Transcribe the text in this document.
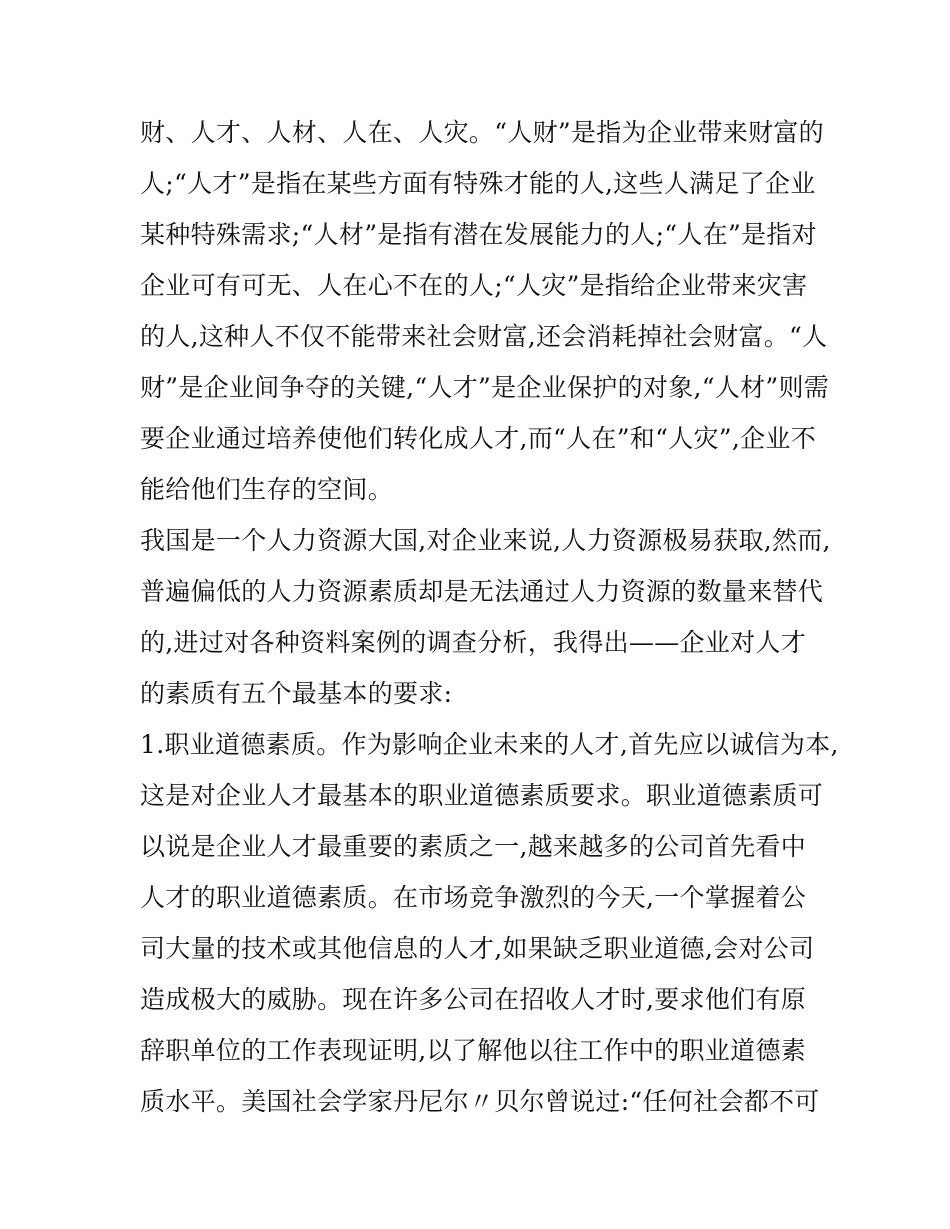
财、人才、人材、人在、人灾。“人财”是指为企业带来财富的
人;“人才”是指在某些方面有特殊才能的人,这些人满足了企业
某种特殊需求;“人材”是指有潜在发展能力的人;“人在”是指对
企业可有可无、人在心不在的人;“人灾”是指给企业带来灾害
的人,这种人不仅不能带来社会财富,还会消耗掉社会财富。“人
财”是企业间争夺的关键,“人才”是企业保护的对象,“人材”则需
要企业通过培养使他们转化成人才,而“人在”和“人灾”,企业不
能给他们生存的空间。
我国是一个人力资源大国,对企业来说,人力资源极易获取,然而,
普遍偏低的人力资源素质却是无法通过人力资源的数量来替代
的,进过对各种资料案例的调查分析，我得出——企业对人才
的素质有五个最基本的要求:
1.职业道德素质。作为影响企业未来的人才,首先应以诚信为本,
这是对企业人才最基本的职业道德素质要求。职业道德素质可
以说是企业人才最重要的素质之一,越来越多的公司首先看中
人才的职业道德素质。在市场竞争激烈的今天,一个掌握着公
司大量的技术或其他信息的人才,如果缺乏职业道德,会对公司
造成极大的威胁。现在许多公司在招收人才时,要求他们有原
辞职单位的工作表现证明,以了解他以往工作中的职业道德素
质水平。美国社会学家丹尼尔〃贝尔曾说过:“任何社会都不可
